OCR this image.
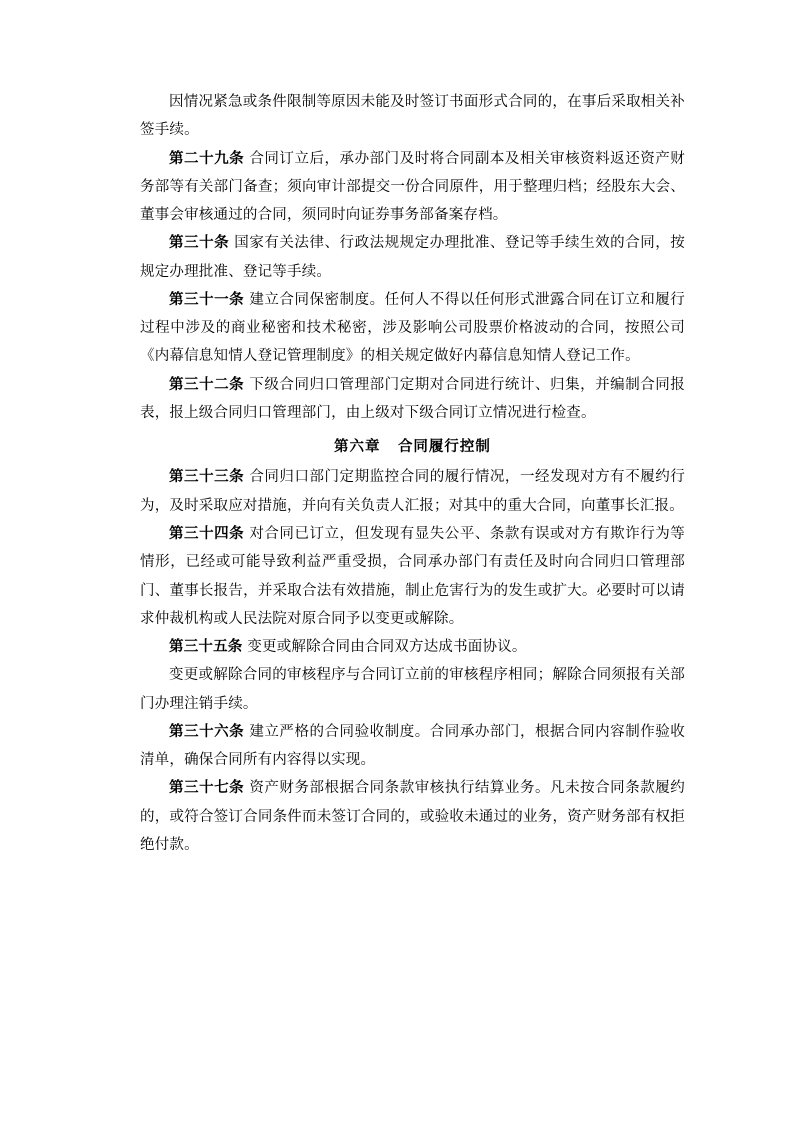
因情况紧急或条件限制等原因未能及时签订书面形式合同的，在事后采取相关补签手续。

第二十九条 合同订立后，承办部门及时将合同副本及相关审核资料返还资产财务部等有关部门备查；须向审计部提交一份合同原件，用于整理归档；经股东大会、董事会审核通过的合同，须同时向证券事务部备案存档。

第三十条 国家有关法律、行政法规规定办理批准、登记等手续生效的合同，按规定办理批准、登记等手续。

第三十一条 建立合同保密制度。任何人不得以任何形式泄露合同在订立和履行过程中涉及的商业秘密和技术秘密，涉及影响公司股票价格波动的合同，按照公司《内幕信息知情人登记管理制度》的相关规定做好内幕信息知情人登记工作。

第三十二条 下级合同归口管理部门定期对合同进行统计、归集，并编制合同报表，报上级合同归口管理部门，由上级对下级合同订立情况进行检查。

第六章 合同履行控制

第三十三条 合同归口部门定期监控合同的履行情况，一经发现对方有不履约行为，及时采取应对措施，并向有关负责人汇报；对其中的重大合同，向董事长汇报。

第三十四条 对合同已订立，但发现有显失公平、条款有误或对方有欺诈行为等情形，已经或可能导致利益严重受损，合同承办部门有责任及时向合同归口管理部门、董事长报告，并采取合法有效措施，制止危害行为的发生或扩大。必要时可以请求仲裁机构或人民法院对原合同予以变更或解除。

第三十五条 变更或解除合同由合同双方达成书面协议。

变更或解除合同的审核程序与合同订立前的审核程序相同；解除合同须报有关部门办理注销手续。

第三十六条 建立严格的合同验收制度。合同承办部门，根据合同内容制作验收清单，确保合同所有内容得以实现。

第三十七条 资产财务部根据合同条款审核执行结算业务。凡未按合同条款履约的，或符合签订合同条件而未签订合同的，或验收未通过的业务，资产财务部有权拒绝付款。
